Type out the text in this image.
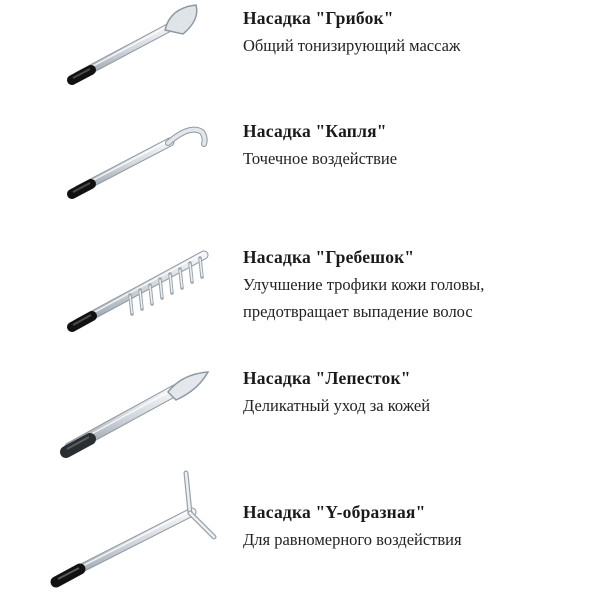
Насадка "Грибок"

Общий тонизирующий массаж

Насадка "Капля"

Точечное воздействие

Насадка "Гребешок"

Улучшение трофики кожи головы,
предотвращает выпадение волос

Насадка "Лепесток"

Деликатный уход за кожей

Насадка "Y-образная"

Для равномерного воздействия
